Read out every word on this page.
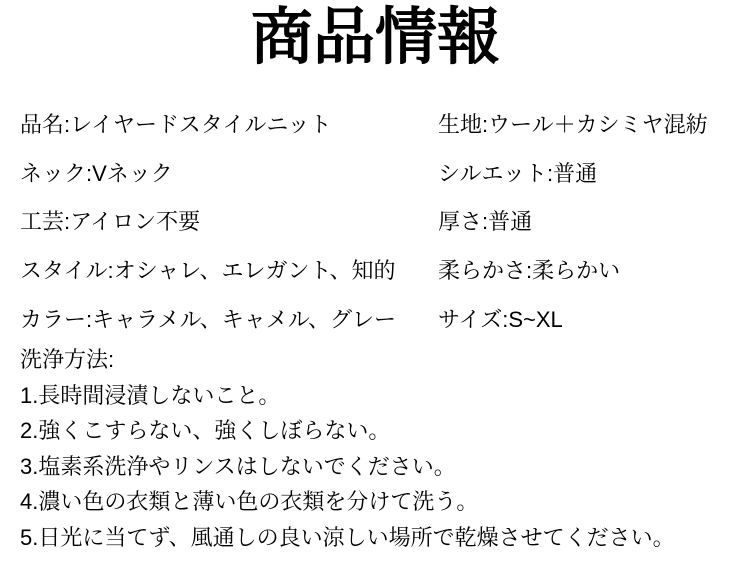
商品情報
品名:レイヤードスタイルニット
ネック:Vネック
工芸:アイロン不要
スタイル:オシャレ、エレガント、知的
カラー:キャラメル、キャメル、グレー
生地:ウール＋カシミヤ混紡
シルエット:普通
厚さ:普通
柔らかさ:柔らかい
サイズ:S~XL
洗浄方法:
1.長時間浸漬しないこと。
2.強くこすらない、強くしぼらない。
3.塩素系洗浄やリンスはしないでください。
4.濃い色の衣類と薄い色の衣類を分けて洗う。
5.日光に当てず、風通しの良い涼しい場所で乾燥させてください。
